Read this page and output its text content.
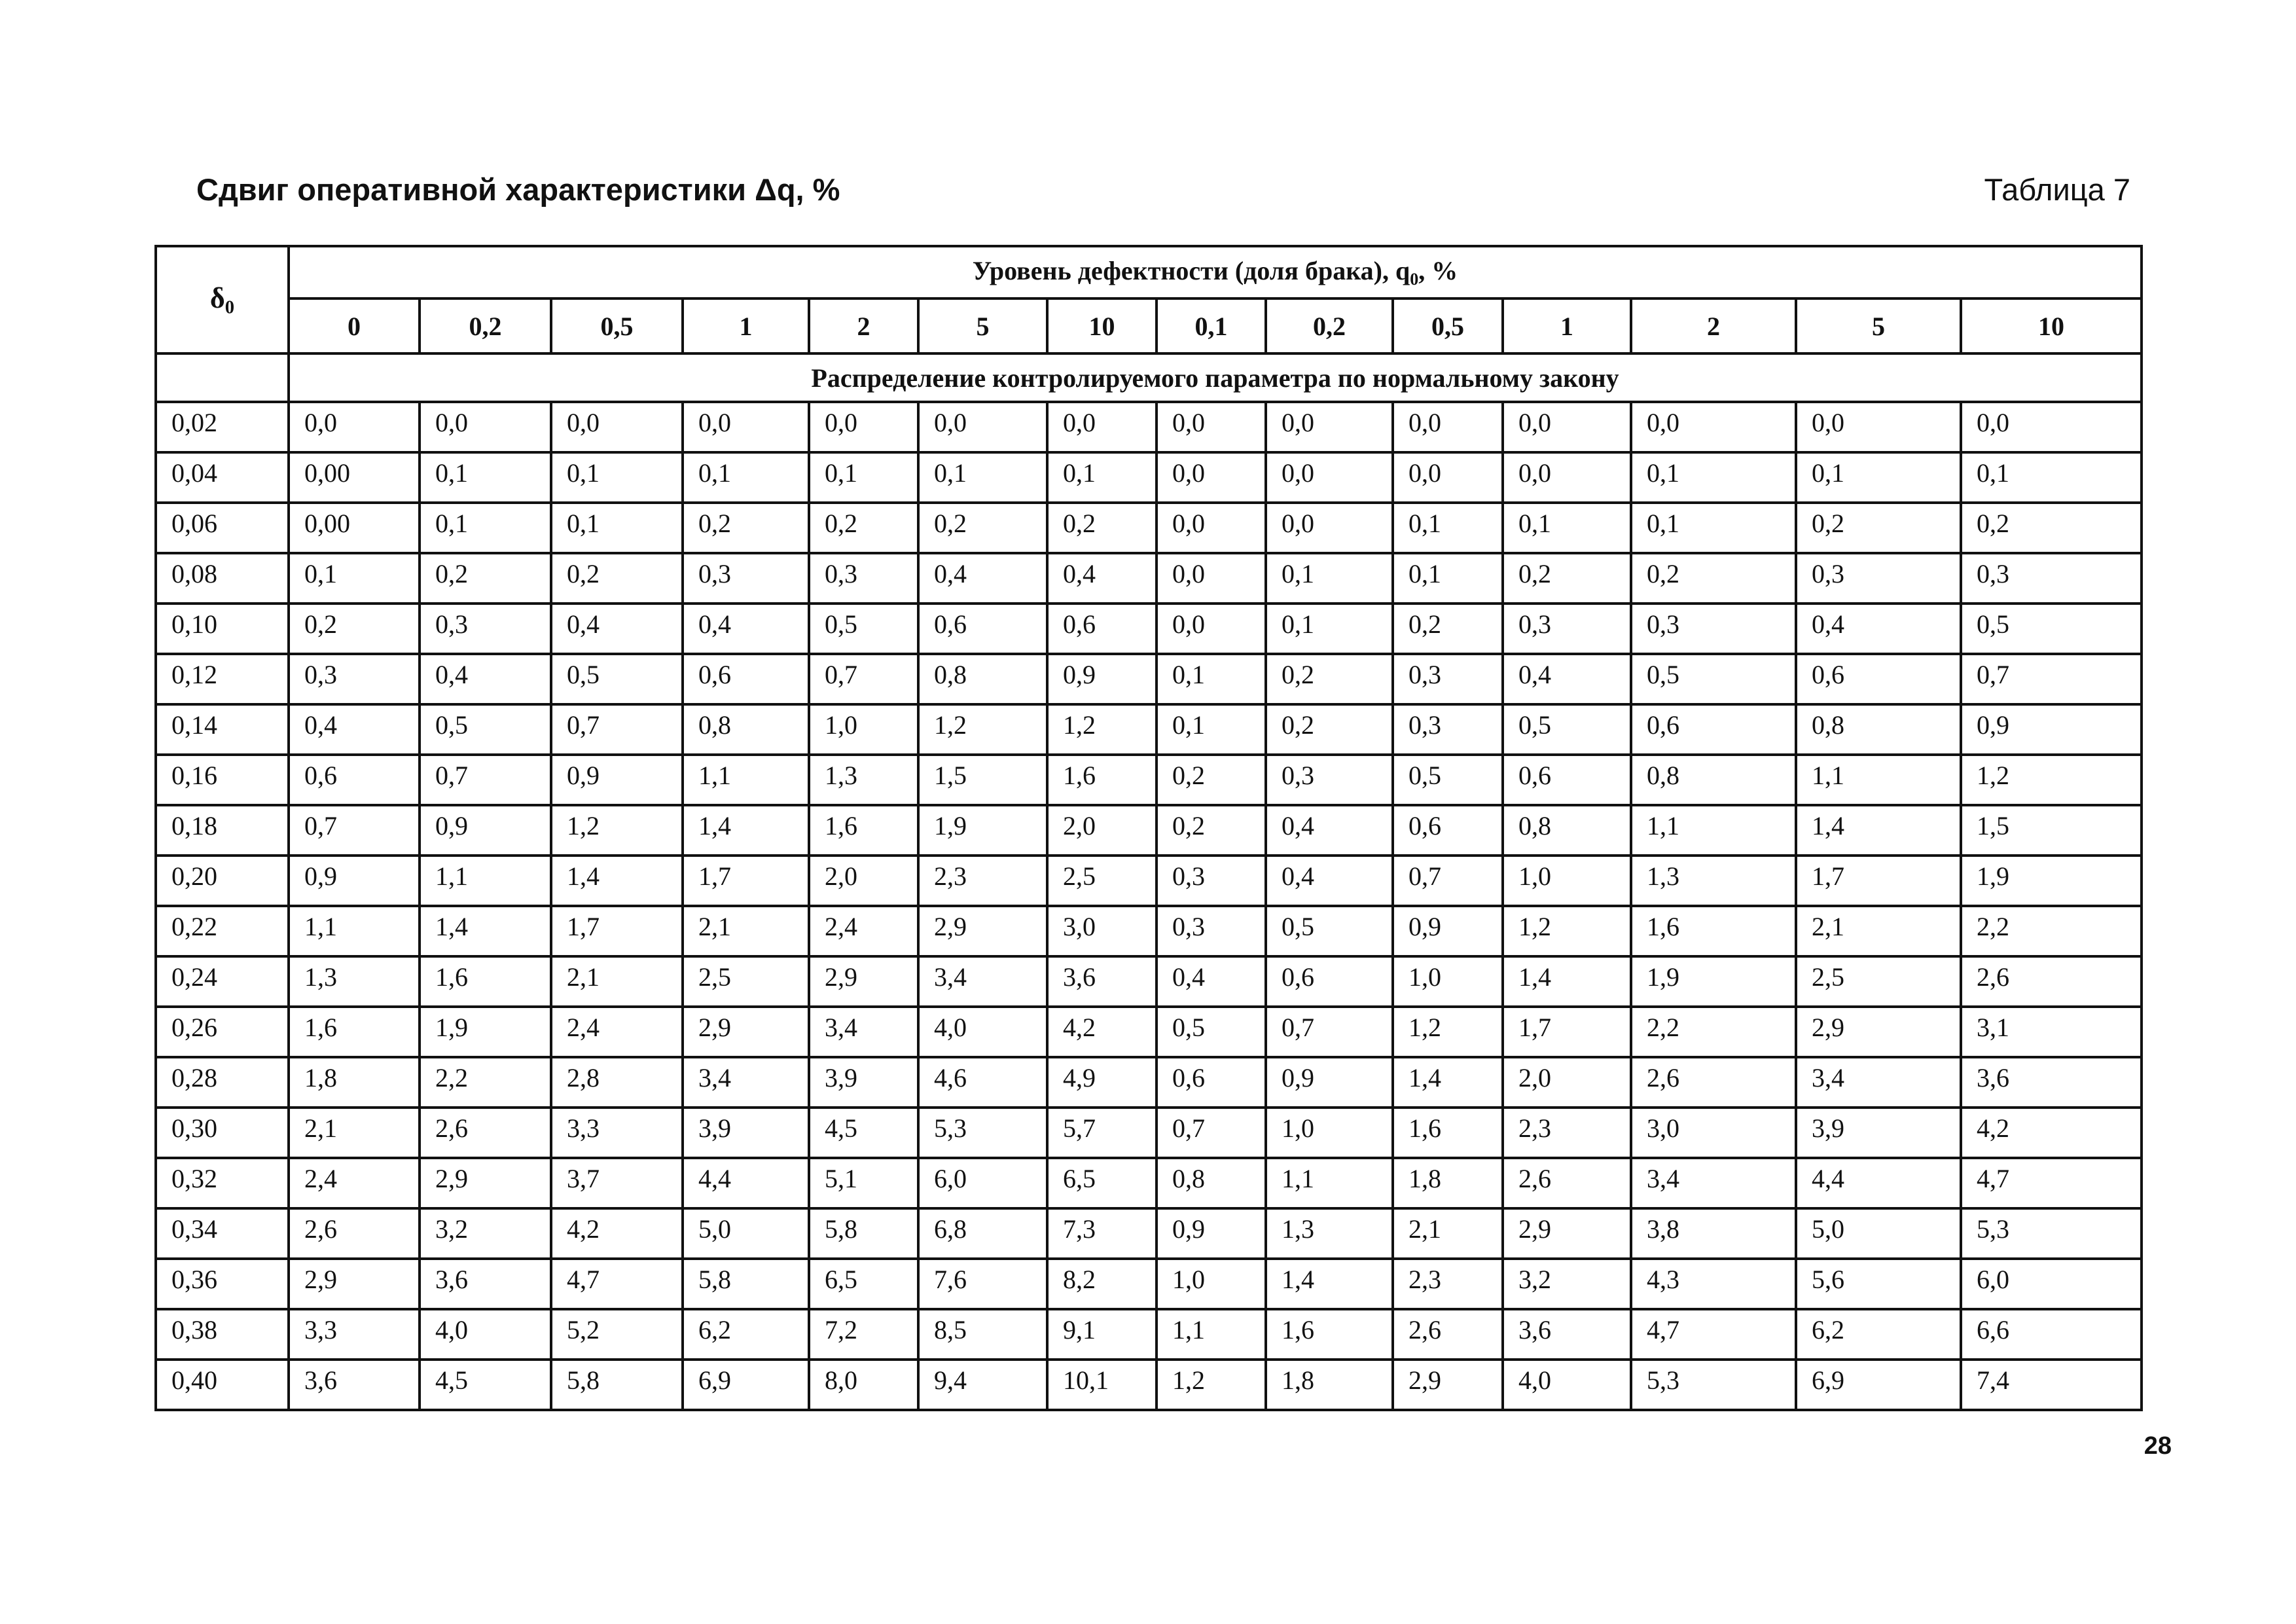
Сдвиг оперативной характеристики Δq, %	Таблица 7
$\delta_0$	Уровень дефектности (доля брака), $q_0$, %													
	0	0,2	0,5	1	2	5	10	0,1	0,2	0,5	1	2	5	10
	Распределение контролируемого параметра по нормальному закону													
0,02	0,0	0,0	0,0	0,0	0,0	0,0	0,0	0,0	0,0	0,0	0,0	0,0	0,0	0,0
0,04	0,00	0,1	0,1	0,1	0,1	0,1	0,1	0,0	0,0	0,0	0,0	0,1	0,1	0,1
0,06	0,00	0,1	0,1	0,2	0,2	0,2	0,2	0,0	0,0	0,1	0,1	0,1	0,2	0,2
0,08	0,1	0,2	0,2	0,3	0,3	0,4	0,4	0,0	0,1	0,1	0,2	0,2	0,3	0,3
0,10	0,2	0,3	0,4	0,4	0,5	0,6	0,6	0,0	0,1	0,2	0,3	0,3	0,4	0,5
0,12	0,3	0,4	0,5	0,6	0,7	0,8	0,9	0,1	0,2	0,3	0,4	0,5	0,6	0,7
0,14	0,4	0,5	0,7	0,8	1,0	1,2	1,2	0,1	0,2	0,3	0,5	0,6	0,8	0,9
0,16	0,6	0,7	0,9	1,1	1,3	1,5	1,6	0,2	0,3	0,5	0,6	0,8	1,1	1,2
0,18	0,7	0,9	1,2	1,4	1,6	1,9	2,0	0,2	0,4	0,6	0,8	1,1	1,4	1,5
0,20	0,9	1,1	1,4	1,7	2,0	2,3	2,5	0,3	0,4	0,7	1,0	1,3	1,7	1,9
0,22	1,1	1,4	1,7	2,1	2,4	2,9	3,0	0,3	0,5	0,9	1,2	1,6	2,1	2,2
0,24	1,3	1,6	2,1	2,5	2,9	3,4	3,6	0,4	0,6	1,0	1,4	1,9	2,5	2,6
0,26	1,6	1,9	2,4	2,9	3,4	4,0	4,2	0,5	0,7	1,2	1,7	2,2	2,9	3,1
0,28	1,8	2,2	2,8	3,4	3,9	4,6	4,9	0,6	0,9	1,4	2,0	2,6	3,4	3,6
0,30	2,1	2,6	3,3	3,9	4,5	5,3	5,7	0,7	1,0	1,6	2,3	3,0	3,9	4,2
0,32	2,4	2,9	3,7	4,4	5,1	6,0	6,5	0,8	1,1	1,8	2,6	3,4	4,4	4,7
0,34	2,6	3,2	4,2	5,0	5,8	6,8	7,3	0,9	1,3	2,1	2,9	3,8	5,0	5,3
0,36	2,9	3,6	4,7	5,8	6,5	7,6	8,2	1,0	1,4	2,3	3,2	4,3	5,6	6,0
0,38	3,3	4,0	5,2	6,2	7,2	8,5	9,1	1,1	1,6	2,6	3,6	4,7	6,2	6,6
0,40	3,6	4,5	5,8	6,9	8,0	9,4	10,1	1,2	1,8	2,9	4,0	5,3	6,9	7,4
28
